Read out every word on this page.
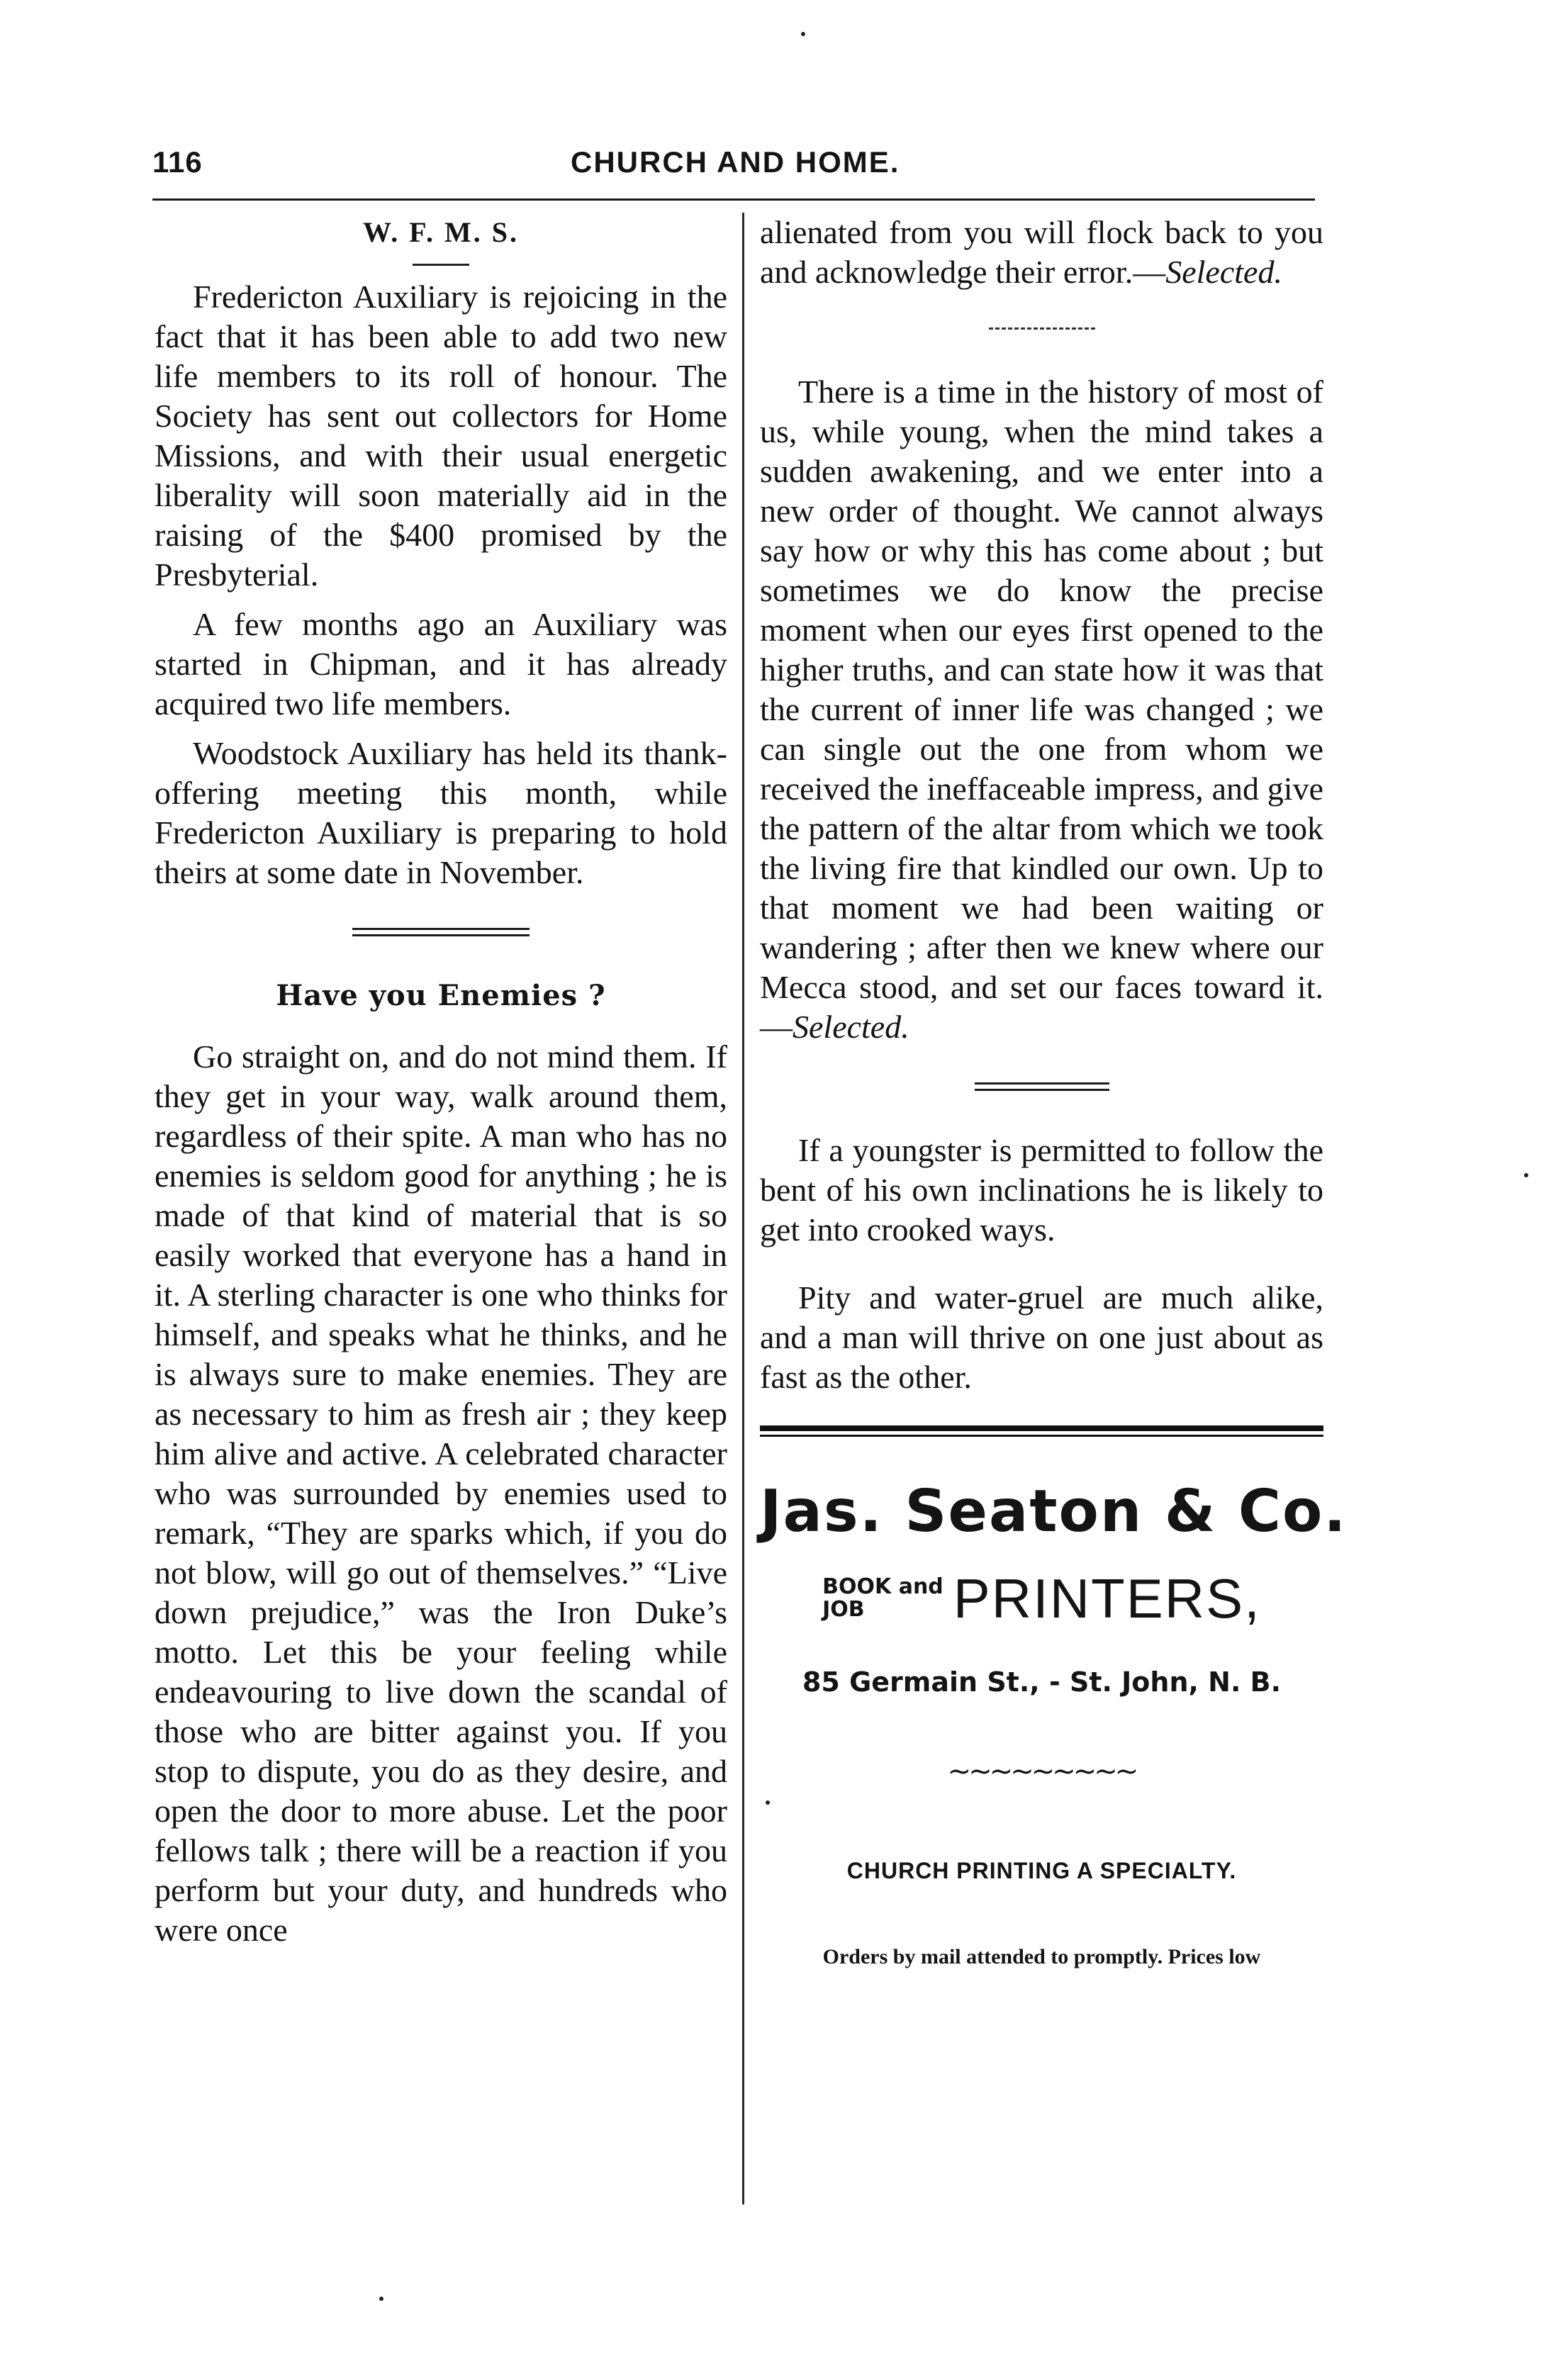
116	CHURCH AND HOME.
W. F. M. S.

Fredericton Auxiliary is rejoicing in the fact that it has been able to add two new life members to its roll of honour. The Society has sent out collectors for Home Missions, and with their usual energetic liberality will soon materially aid in the raising of the $400 promised by the Presbyterial.

A few months ago an Auxiliary was started in Chipman, and it has already acquired two life members.

Woodstock Auxiliary has held its thank-offering meeting this month, while Fredericton Auxiliary is preparing to hold theirs at some date in November.

Have you Enemies ?

Go straight on, and do not mind them. If they get in your way, walk around them, regardless of their spite. A man who has no enemies is seldom good for anything ; he is made of that kind of material that is so easily worked that everyone has a hand in it. A sterling character is one who thinks for himself, and speaks what he thinks, and he is always sure to make enemies. They are as necessary to him as fresh air ; they keep him alive and active. A celebrated character who was surrounded by enemies used to remark, “They are sparks which, if you do not blow, will go out of themselves.” “Live down prejudice,” was the Iron Duke’s motto. Let this be your feeling while endeavouring to live down the scandal of those who are bitter against you. If you stop to dispute, you do as they desire, and open the door to more abuse. Let the poor fellows talk ; there will be a reaction if you perform but your duty, and hundreds who were once

alienated from you will flock back to you and acknowledge their error.—Selected.

There is a time in the history of most of us, while young, when the mind takes a sudden awakening, and we enter into a new order of thought. We cannot always say how or why this has come about ; but sometimes we do know the precise moment when our eyes first opened to the higher truths, and can state how it was that the current of inner life was changed ; we can single out the one from whom we received the ineffaceable impress, and give the pattern of the altar from which we took the living fire that kindled our own. Up to that moment we had been waiting or wandering ; after then we knew where our Mecca stood, and set our faces toward it.—Selected.

If a youngster is permitted to follow the bent of his own inclinations he is likely to get into crooked ways.

Pity and water-gruel are much alike, and a man will thrive on one just about as fast as the other.

Jas. Seaton & Co.
BOOK and
JOB	PRINTERS,
85 Germain St., - St. John, N. B.
~~~~~~~~~
CHURCH PRINTING A SPECIALTY.
Orders by mail attended to promptly. Prices low
